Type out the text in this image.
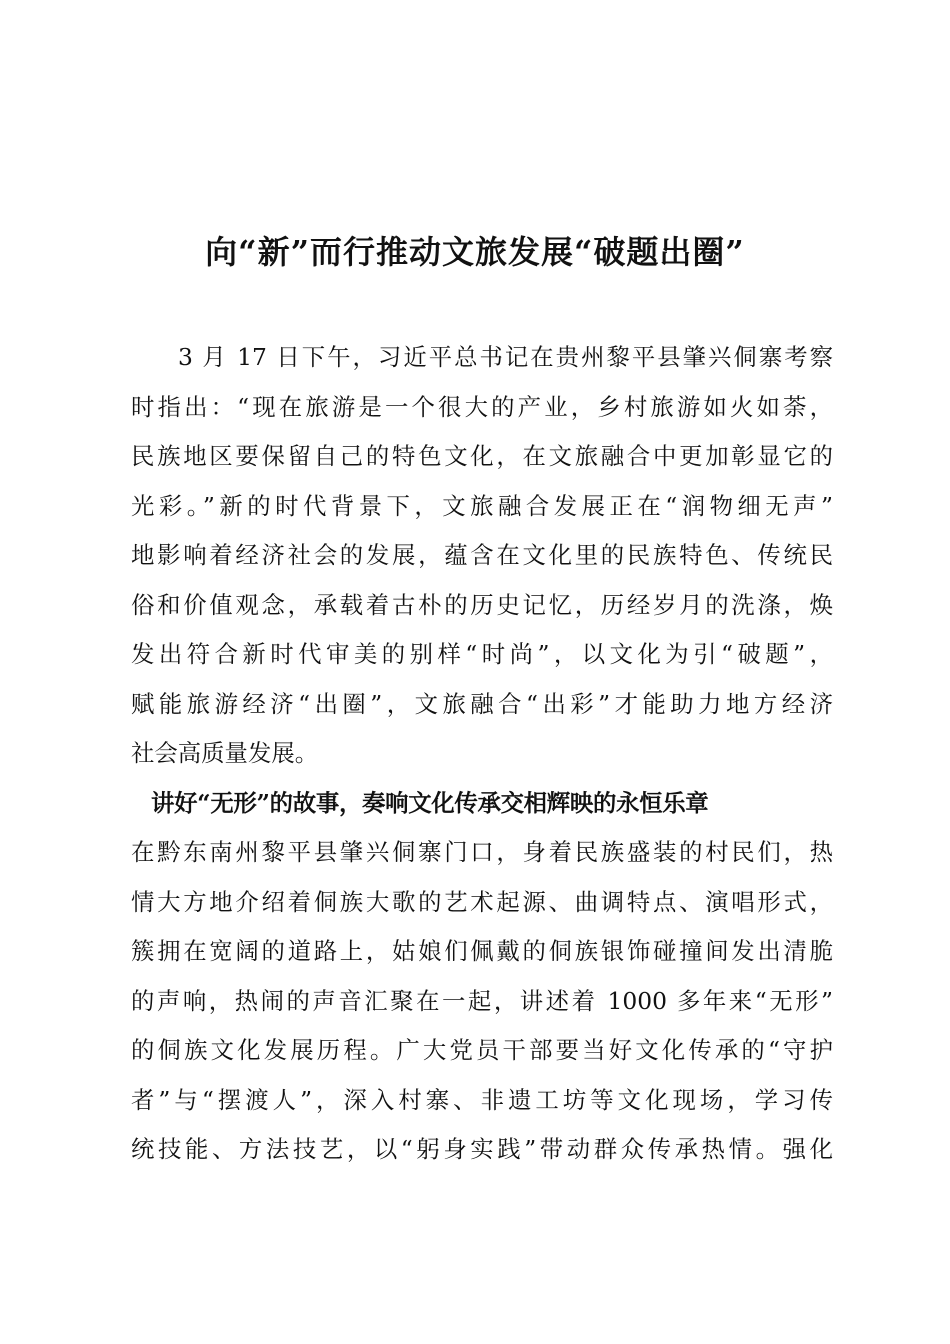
向“新”而行推动文旅发展“破题出圈”
3 月 17 日下午，习近平总书记在贵州黎平县肇兴侗寨考察
时指出：“现在旅游是一个很大的产业，乡村旅游如火如荼，
民族地区要保留自己的特色文化，在文旅融合中更加彰显它的
光彩。”新的时代背景下，文旅融合发展正在“润物细无声”
地影响着经济社会的发展，蕴含在文化里的民族特色、传统民
俗和价值观念，承载着古朴的历史记忆，历经岁月的洗涤，焕
发出符合新时代审美的别样“时尚”，以文化为引“破题”，
赋能旅游经济“出圈”，文旅融合“出彩”才能助力地方经济
社会高质量发展。
讲好“无形”的故事，奏响文化传承交相辉映的永恒乐章
在黔东南州黎平县肇兴侗寨门口，身着民族盛装的村民们，热
情大方地介绍着侗族大歌的艺术起源、曲调特点、演唱形式，
簇拥在宽阔的道路上，姑娘们佩戴的侗族银饰碰撞间发出清脆
的声响，热闹的声音汇聚在一起，讲述着 1000 多年来“无形”
的侗族文化发展历程。广大党员干部要当好文化传承的“守护
者”与“摆渡人”，深入村寨、非遗工坊等文化现场，学习传
统技能、方法技艺，以“躬身实践”带动群众传承热情。强化
